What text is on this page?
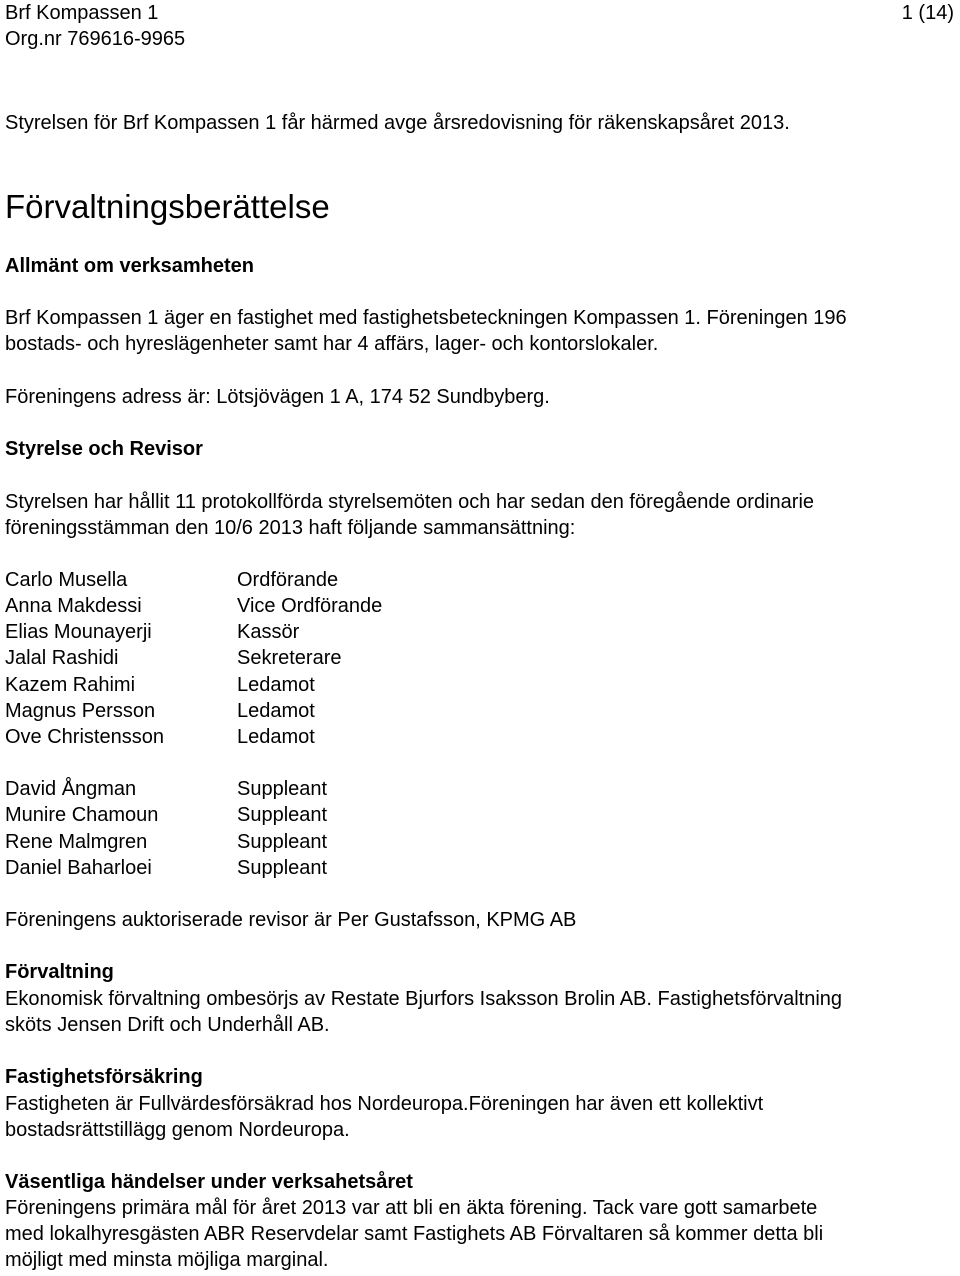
Brf Kompassen 1
Org.nr 769616-9965
1 (14)
Styrelsen för Brf Kompassen 1 får härmed avge årsredovisning för räkenskapsåret 2013.
Förvaltningsberättelse
Allmänt om verksamheten
Brf Kompassen 1 äger en fastighet med fastighetsbeteckningen Kompassen 1. Föreningen 196
bostads- och hyreslägenheter samt har 4 affärs, lager- och kontorslokaler.
Föreningens adress är: Lötsjövägen 1 A, 174 52 Sundbyberg.
Styrelse och Revisor
Styrelsen har hållit 11 protokollförda styrelsemöten och har sedan den föregående ordinarie
föreningsstämman den 10/6 2013 haft följande sammansättning:
Carlo Musella	Ordförande
Anna Makdessi	Vice Ordförande
Elias Mounayerji	Kassör
Jalal Rashidi	Sekreterare
Kazem Rahimi	Ledamot
Magnus Persson	Ledamot
Ove Christensson	Ledamot
David Ångman	Suppleant
Munire Chamoun	Suppleant
Rene Malmgren	Suppleant
Daniel Baharloei	Suppleant
Föreningens auktoriserade revisor är Per Gustafsson, KPMG AB
Förvaltning
Ekonomisk förvaltning ombesörjs av Restate Bjurfors Isaksson Brolin AB. Fastighetsförvaltning
sköts Jensen Drift och Underhåll AB.
Fastighetsförsäkring
Fastigheten är Fullvärdesförsäkrad hos Nordeuropa.Föreningen har även ett kollektivt
bostadsrättstillägg genom Nordeuropa.
Väsentliga händelser under verksahetsåret
Föreningens primära mål för året 2013 var att bli en äkta förening. Tack vare gott samarbete
med lokalhyresgästen ABR Reservdelar samt Fastighets AB Förvaltaren så kommer detta bli
möjligt med minsta möjliga marginal.
